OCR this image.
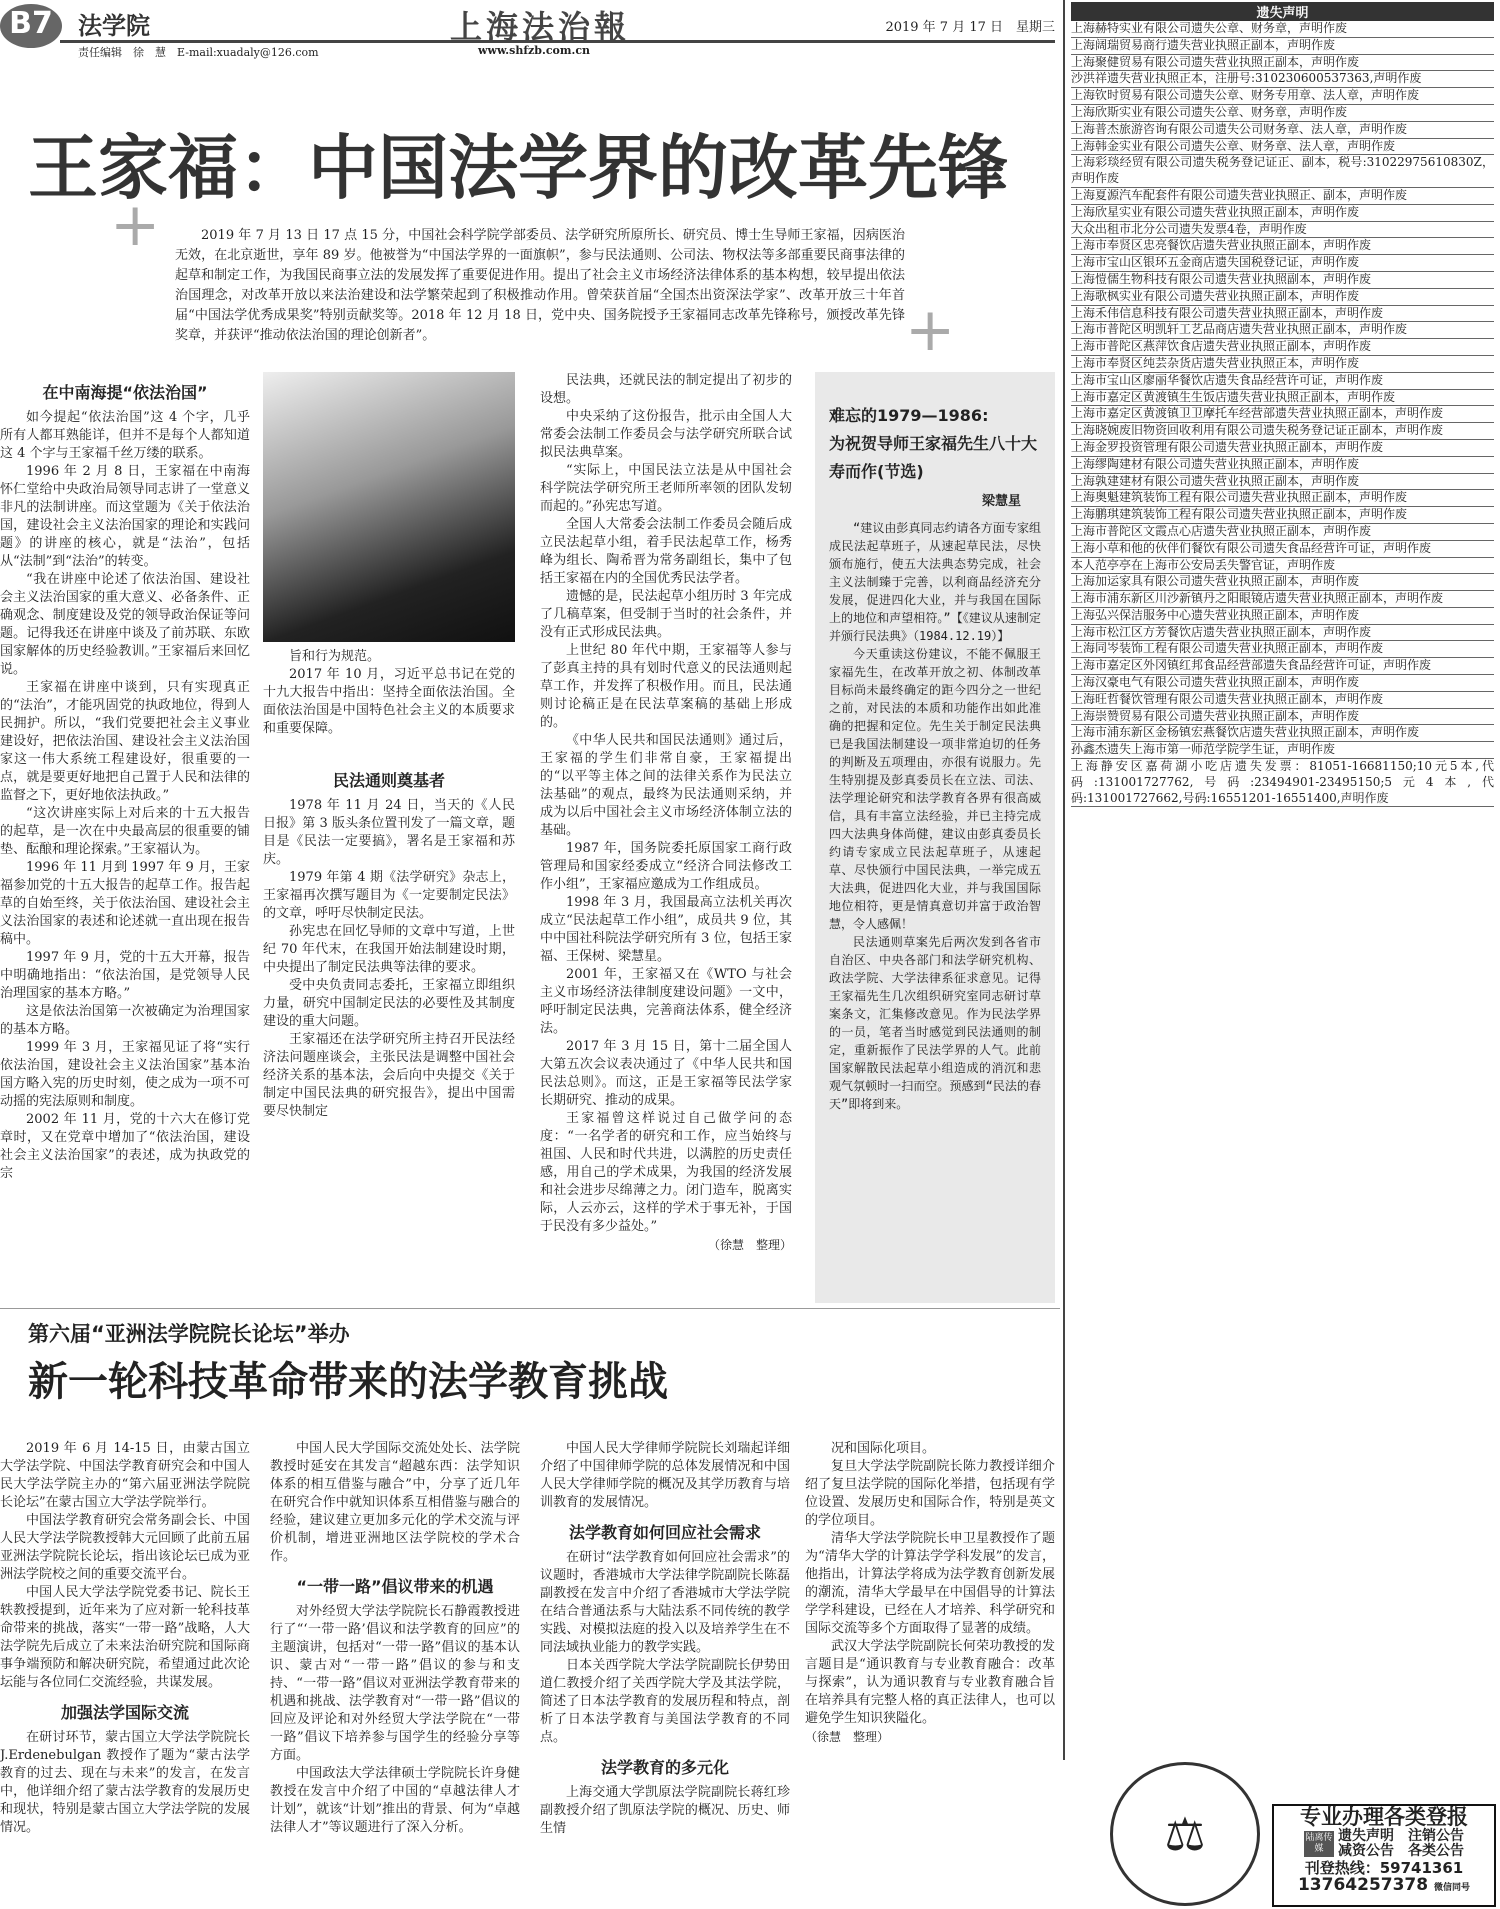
B7	法学院	上海法治報	2019 年 7 月 17 日　星期三
责任编辑　徐　慧　E-mail:xuadaly@126.com	www.shfzb.com.cn
王家福：中国法学界的改革先锋
+
+

2019 年 7 月 13 日 17 点 15 分，中国社会科学院学部委员、法学研究所原所长、研究员、博士生导师王家福，因病医治无效，在北京逝世，享年 89 岁。他被誉为“中国法学界的一面旗帜”，参与民法通则、公司法、物权法等多部重要民商事法律的起草和制定工作，为我国民商事立法的发展发挥了重要促进作用。提出了社会主义市场经济法律体系的基本构想，较早提出依法治国理念，对改革开放以来法治建设和法学繁荣起到了积极推动作用。曾荣获首届“全国杰出资深法学家”、改革开放三十年首届“中国法学优秀成果奖”特别贡献奖等。2018 年 12 月 18 日，党中央、国务院授予王家福同志改革先锋称号，颁授改革先锋奖章，并获评“推动依法治国的理论创新者”。

在中南海提“依法治国”

如今提起“依法治国”这 4 个字，几乎所有人都耳熟能详，但并不是每个人都知道这 4 个字与王家福千丝万缕的联系。

1996 年 2 月 8 日，王家福在中南海怀仁堂给中央政治局领导同志讲了一堂意义非凡的法制讲座。而这堂题为《关于依法治国，建设社会主义法治国家的理论和实践问题》的讲座的核心，就是“法治”，包括从“法制”到“法治”的转变。

“我在讲座中论述了依法治国、建设社会主义法治国家的重大意义、必备条件、正确观念、制度建设及党的领导政治保证等问题。记得我还在讲座中谈及了前苏联、东欧国家解体的历史经验教训。”王家福后来回忆说。

王家福在讲座中谈到，只有实现真正的“法治”，才能巩固党的执政地位，得到人民拥护。所以，“我们党要把社会主义事业建设好，把依法治国、建设社会主义法治国家这一伟大系统工程建设好，很重要的一点，就是要更好地把自己置于人民和法律的监督之下，更好地依法执政。”

“这次讲座实际上对后来的十五大报告的起草，是一次在中央最高层的很重要的铺垫、酝酿和理论探索。”王家福认为。

1996 年 11 月到 1997 年 9 月，王家福参加党的十五大报告的起草工作。报告起草的自始至终，关于依法治国、建设社会主义法治国家的表述和论述就一直出现在报告稿中。

1997 年 9 月，党的十五大开幕，报告中明确地指出：“依法治国，是党领导人民治理国家的基本方略。”

这是依法治国第一次被确定为治理国家的基本方略。

1999 年 3 月，王家福见证了将“实行依法治国，建设社会主义法治国家”基本治国方略入宪的历史时刻，使之成为一项不可动摇的宪法原则和制度。

2002 年 11 月，党的十六大在修订党章时，又在党章中增加了“依法治国，建设社会主义法治国家”的表述，成为执政党的宗

旨和行为规范。

2017 年 10 月，习近平总书记在党的十九大报告中指出：坚持全面依法治国。全面依法治国是中国特色社会主义的本质要求和重要保障。

民法通则奠基者

1978 年 11 月 24 日，当天的《人民日报》第 3 版头条位置刊发了一篇文章，题目是《民法一定要搞》，署名是王家福和苏庆。

1979 年第 4 期《法学研究》杂志上，王家福再次撰写题目为《一定要制定民法》的文章，呼吁尽快制定民法。

孙宪忠在回忆导师的文章中写道，上世纪 70 年代末，在我国开始法制建设时期，中央提出了制定民法典等法律的要求。

受中央负责同志委托，王家福立即组织力量，研究中国制定民法的必要性及其制度建设的重大问题。

王家福还在法学研究所主持召开民法经济法问题座谈会，主张民法是调整中国社会经济关系的基本法，会后向中央提交《关于制定中国民法典的研究报告》，提出中国需要尽快制定

民法典，还就民法的制定提出了初步的设想。

中央采纳了这份报告，批示由全国人大常委会法制工作委员会与法学研究所联合试拟民法典草案。

“实际上，中国民法立法是从中国社会科学院法学研究所王老师所率领的团队发轫而起的。”孙宪忠写道。

全国人大常委会法制工作委员会随后成立民法起草小组，着手民法起草工作，杨秀峰为组长、陶希晋为常务副组长，集中了包括王家福在内的全国优秀民法学者。

遗憾的是，民法起草小组历时 3 年完成了几稿草案，但受制于当时的社会条件，并没有正式形成民法典。

上世纪 80 年代中期，王家福等人参与了彭真主持的具有划时代意义的民法通则起草工作，并发挥了积极作用。而且，民法通则讨论稿正是在民法草案稿的基础上形成的。

《中华人民共和国民法通则》通过后，王家福的学生们非常自豪，王家福提出的“以平等主体之间的法律关系作为民法立法基础”的观点，最终为民法通则采纳，并成为以后中国社会主义市场经济体制立法的基础。

1987 年，国务院委托原国家工商行政管理局和国家经委成立“经济合同法修改工作小组”，王家福应邀成为工作组成员。

1998 年 3 月，我国最高立法机关再次成立“民法起草工作小组”，成员共 9 位，其中中国社科院法学研究所有 3 位，包括王家福、王保树、梁慧星。

2001 年，王家福又在《WTO 与社会主义市场经济法律制度建设问题》一文中，呼吁制定民法典，完善商法体系，健全经济法。

2017 年 3 月 15 日，第十二届全国人大第五次会议表决通过了《中华人民共和国民法总则》。而这，正是王家福等民法学家长期研究、推动的成果。

王家福曾这样说过自己做学问的态度：“一名学者的研究和工作，应当始终与祖国、人民和时代共进，以满腔的历史责任感，用自己的学术成果，为我国的经济发展和社会进步尽绵薄之力。闭门造车，脱离实际，人云亦云，这样的学术于事无补，于国于民没有多少益处。”

（徐慧　整理）
难忘的1979—1986:
为祝贺导师王家福先生八十大寿而作(节选)
梁慧星

“建议由彭真同志约请各方面专家组成民法起草班子，从速起草民法，尽快颁布施行，使五大法典态势完成，社会主义法制臻于完善，以利商品经济充分发展，促进四化大业，并与我国在国际上的地位和声望相符。”【《建议从速制定并颁行民法典》（1984.12.19）】

今天重读这份建议，不能不佩服王家福先生，在改革开放之初、体制改革目标尚未最终确定的距今四分之一世纪之前，对民法的本质和功能作出如此准确的把握和定位。先生关于制定民法典已是我国法制建设一项非常迫切的任务的判断及五项理由，亦很有说服力。先生特别提及彭真委员长在立法、司法、法学理论研究和法学教育各界有很高威信，具有丰富立法经验，并已主持完成四大法典身体尚健，建议由彭真委员长约请专家成立民法起草班子，从速起草、尽快颁行中国民法典，一举完成五大法典，促进四化大业，并与我国国际地位相符，更是情真意切并富于政治智慧，令人感佩！

民法通则草案先后两次发到各省市自治区、中央各部门和法学研究机构、政法学院、大学法律系征求意见。记得王家福先生几次组织研究室同志研讨草案条文，汇集修改意见。作为民法学界的一员，笔者当时感觉到民法通则的制定，重新振作了民法学界的人气。此前国家解散民法起草小组造成的消沉和悲观气氛顿时一扫而空。预感到“民法的春天”即将到来。

第六届“亚洲法学院院长论坛”举办
新一轮科技革命带来的法学教育挑战

2019 年 6 月 14-15 日，由蒙古国立大学法学院、中国法学教育研究会和中国人民大学法学院主办的“第六届亚洲法学院院长论坛”在蒙古国立大学法学院举行。

中国法学教育研究会常务副会长、中国人民大学法学院教授韩大元回顾了此前五届亚洲法学院院长论坛，指出该论坛已成为亚洲法学院校之间的重要交流平台。

中国人民大学法学院党委书记、院长王轶教授提到，近年来为了应对新一轮科技革命带来的挑战，落实“一带一路”战略，人大法学院先后成立了未来法治研究院和国际商事争端预防和解决研究院，希望通过此次论坛能与各位同仁交流经验，共谋发展。

加强法学国际交流

在研讨环节，蒙古国立大学法学院院长J.Erdenebulgan 教授作了题为“蒙古法学教育的过去、现在与未来”的发言，在发言中，他详细介绍了蒙古法学教育的发展历史和现状，特别是蒙古国立大学法学院的发展情况。

中国人民大学国际交流处处长、法学院教授时延安在其发言“超越东西：法学知识体系的相互借鉴与融合”中，分享了近几年在研究合作中就知识体系互相借鉴与融合的经验，建议建立更加多元化的学术交流与评价机制，增进亚洲地区法学院校的学术合作。

“一带一路”倡议带来的机遇

对外经贸大学法学院院长石静霞教授进行了“‘一带一路’倡议和法学教育的回应”的主题演讲，包括对“一带一路”倡议的基本认识、蒙古对“一带一路”倡议的参与和支持、“一带一路”倡议对亚洲法学教育带来的机遇和挑战、法学教育对“一带一路”倡议的回应及评论和对外经贸大学法学院在“一带一路”倡议下培养参与国学生的经验分享等方面。

中国政法大学法律硕士学院院长许身健教授在发言中介绍了中国的“卓越法律人才计划”，就该“计划”推出的背景、何为“卓越法律人才”等议题进行了深入分析。

中国人民大学律师学院院长刘瑞起详细介绍了中国律师学院的总体发展情况和中国人民大学律师学院的概况及其学历教育与培训教育的发展情况。

法学教育如何回应社会需求

在研讨“法学教育如何回应社会需求”的议题时，香港城市大学法律学院副院长陈磊副教授在发言中介绍了香港城市大学法学院在结合普通法系与大陆法系不同传统的教学实践、对模拟法庭的投入以及培养学生在不同法域执业能力的教学实践。

日本关西学院大学法学院副院长伊势田道仁教授介绍了关西学院大学及其法学院，简述了日本法学教育的发展历程和特点，剖析了日本法学教育与美国法学教育的不同点。

法学教育的多元化

上海交通大学凯原法学院副院长蒋红珍副教授介绍了凯原法学院的概况、历史、师生情

况和国际化项目。

复旦大学法学院副院长陈力教授详细介绍了复旦法学院的国际化举措，包括现有学位设置、发展历史和国际合作，特别是英文的学位项目。

清华大学法学院院长申卫星教授作了题为“清华大学的计算法学学科发展”的发言，他指出，计算法学将成为法学教育创新发展的潮流，清华大学最早在中国倡导的计算法学学科建设，已经在人才培养、科学研究和国际交流等多个方面取得了显著的成绩。

武汉大学法学院副院长何荣功教授的发言题目是“通识教育与专业教育融合：改革与探索”，认为通识教育与专业教育融合旨在培养具有完整人格的真正法律人，也可以避免学生知识狭隘化。

（徐慧　整理）
遗失声明

上海赫特实业有限公司遗失公章、财务章，声明作废

上海阔瑞贸易商行遗失营业执照正副本，声明作废

上海聚健贸易有限公司遗失营业执照正副本，声明作废

沙洪祥遗失营业执照正本，注册号:310230600537363,声明作废

上海钦时贸易有限公司遗失公章、财务专用章、法人章，声明作废

上海欣斯实业有限公司遗失公章、财务章，声明作废

上海普杰旅游咨询有限公司遗失公司财务章、法人章，声明作废

上海韩金实业有限公司遗失公章、财务章、法人章，声明作废

上海彩琰经贸有限公司遗失税务登记证正、副本，税号:31022975610830Z，声明作废

上海夏源汽车配套件有限公司遗失营业执照正、副本，声明作废

上海欣星实业有限公司遗失营业执照正副本，声明作废

大众出租市北分公司遗失发票4卷，声明作废

上海市奉贤区忠亮餐饮店遗失营业执照正副本，声明作废

上海市宝山区银环五金商店遗失国税登记证，声明作废

上海愷儒生物科技有限公司遗失营业执照副本，声明作废

上海歌枫实业有限公司遗失营业执照正副本，声明作废

上海禾伟信息科技有限公司遗失营业执照正副本，声明作废

上海市普陀区明凯轩工艺品商店遗失营业执照正副本，声明作废

上海市普陀区燕萍饮食店遗失营业执照正副本，声明作废

上海市奉贤区纯芸杂货店遗失营业执照正本，声明作废

上海市宝山区廖丽华餐饮店遗失食品经营许可证，声明作废

上海市嘉定区黄渡镇生生饭店遗失营业执照正副本，声明作废

上海市嘉定区黄渡镇卫卫摩托车经营部遗失营业执照正副本，声明作废

上海晓婉废旧物资回收利用有限公司遗失税务登记证正副本，声明作废

上海金罗投资管理有限公司遗失营业执照正副本，声明作废

上海缪陶建材有限公司遗失营业执照正副本，声明作废

上海孰建建材有限公司遗失营业执照正副本，声明作废

上海奥魁建筑装饰工程有限公司遗失营业执照正副本，声明作废

上海鹏琪建筑装饰工程有限公司遗失营业执照正副本，声明作废

上海市普陀区文霞点心店遗失营业执照正副本，声明作废

上海小草和他的伙伴们餐饮有限公司遗失食品经营许可证，声明作废

本人范亭亭在上海市公安局丢失警官证，声明作废

上海加运家具有限公司遗失营业执照正副本，声明作废

上海市浦东新区川沙新镇丹之阳眼镜店遗失营业执照正副本，声明作废

上海弘兴保洁服务中心遗失营业执照正副本，声明作废

上海市松江区方芳餐饮店遗失营业执照正副本，声明作废

上海同岑装饰工程有限公司遗失营业执照正副本，声明作废

上海市嘉定区外冈镇红邦食品经营部遗失食品经营许可证，声明作废

上海汉豪电气有限公司遗失营业执照正副本，声明作废

上海旺哲餐饮管理有限公司遗失营业执照正副本，声明作废

上海崇赞贸易有限公司遗失营业执照正副本，声明作废

上海市浦东新区金杨镇宏燕餐饮店遗失营业执照正副本，声明作废

孙鑫杰遗失上海市第一师范学院学生证，声明作废

上海静安区嘉荷湖小吃店遗失发票：81051-16681150;10元5本,代码:131001727762,号码:23494901-23495150;5元4本,代码:131001727662,号码:16551201-16551400,声明作废

⚖	专业办理各类登报
陆离传媒
遗失声明　注销公告
减资公告　各类公告
刊登热线：59741361
13764257378 微信同号
